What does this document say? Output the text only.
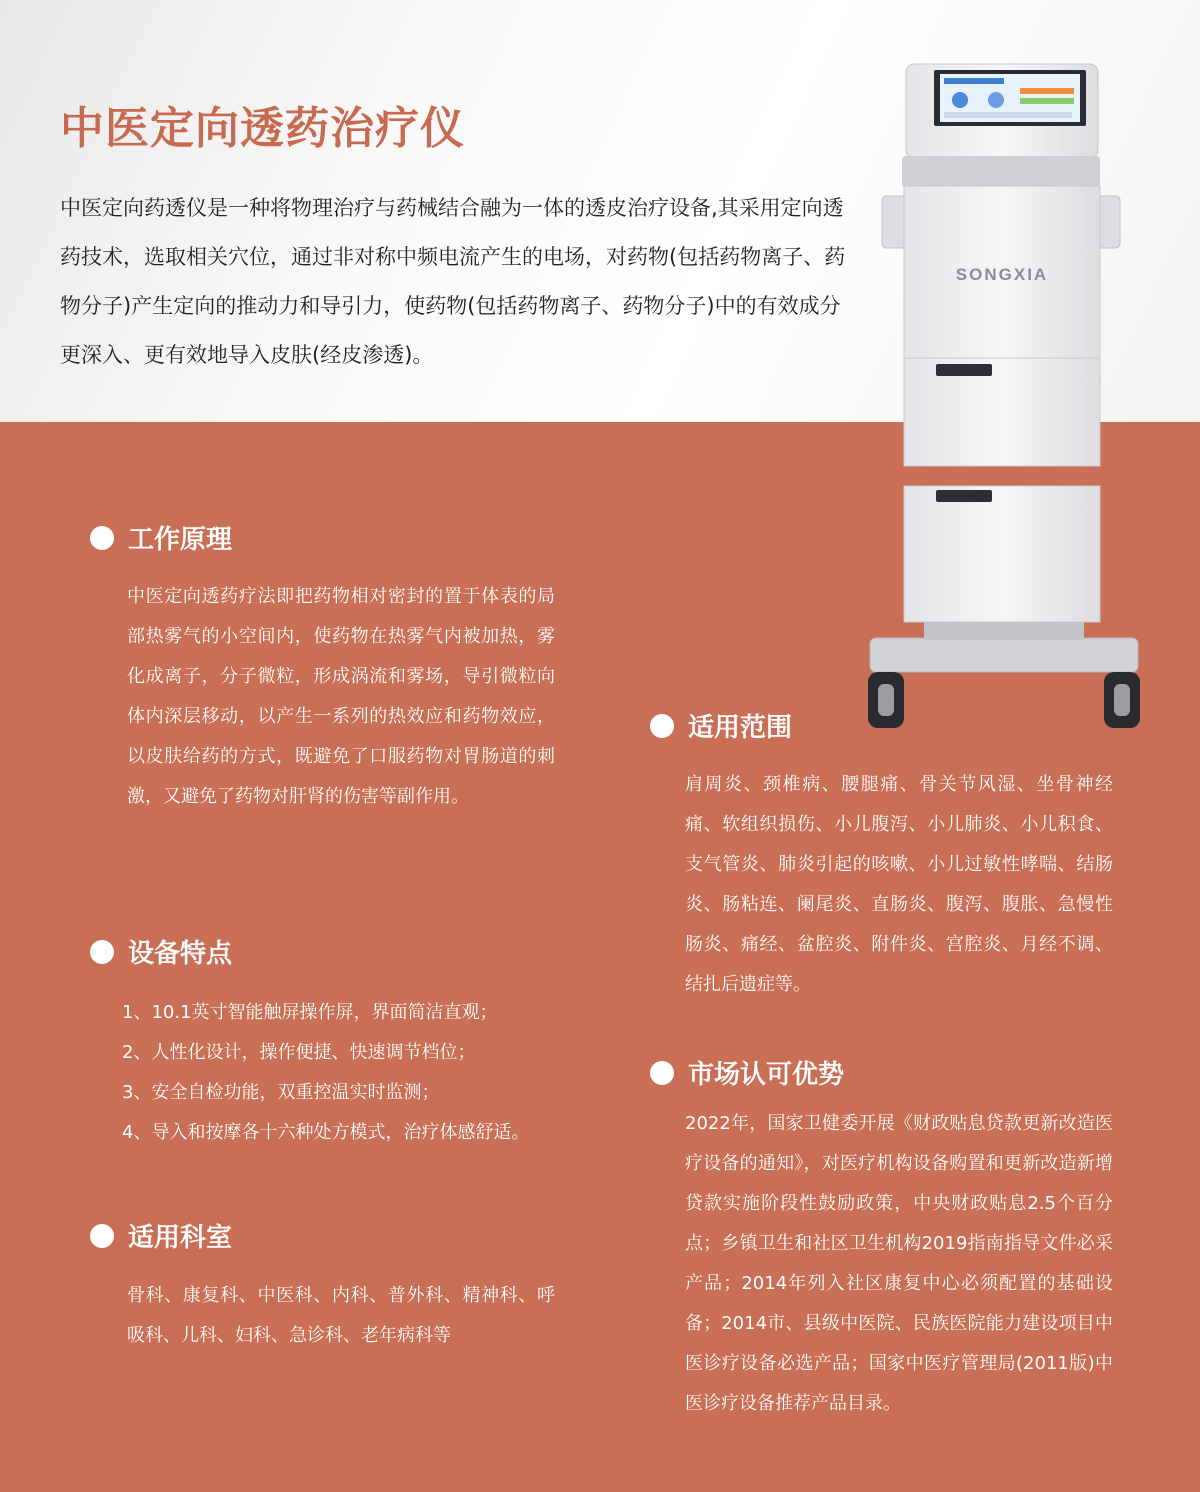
中医定向透药治疗仪

中医定向药透仪是一种将物理治疗与药械结合融为一体的透皮治疗设备,其采用定向透药技术，选取相关穴位，通过非对称中频电流产生的电场，对药物(包括药物离子、药物分子)产生定向的推动力和导引力，使药物(包括药物离子、药物分子)中的有效成分更深入、更有效地导入皮肤(经皮渗透)。

SONGXIA
工作原理

中医定向透药疗法即把药物相对密封的置于体表的局部热雾气的小空间内，使药物在热雾气内被加热，雾化成离子，分子微粒，形成涡流和雾场，导引微粒向体内深层移动，以产生一系列的热效应和药物效应，以皮肤给药的方式，既避免了口服药物对胃肠道的刺激，又避免了药物对肝肾的伤害等副作用。

设备特点
1、10.1英寸智能触屏操作屏，界面简洁直观；
2、人性化设计，操作便捷、快速调节档位；
3、安全自检功能，双重控温实时监测；
4、导入和按摩各十六种处方模式，治疗体感舒适。
适用科室

骨科、康复科、中医科、内科、普外科、精神科、呼吸科、儿科、妇科、急诊科、老年病科等

适用范围

肩周炎、颈椎病、腰腿痛、骨关节风湿、坐骨神经痛、软组织损伤、小儿腹泻、小儿肺炎、小儿积食、支气管炎、肺炎引起的咳嗽、小儿过敏性哮喘、结肠炎、肠粘连、阑尾炎、直肠炎、腹泻、腹胀、急慢性肠炎、痛经、盆腔炎、附件炎、宫腔炎、月经不调、结扎后遗症等。

市场认可优势

2022年，国家卫健委开展《财政贴息贷款更新改造医疗设备的通知》，对医疗机构设备购置和更新改造新增贷款实施阶段性鼓励政策，中央财政贴息2.5个百分点；乡镇卫生和社区卫生机构2019指南指导文件必采产品；2014年列入社区康复中心必须配置的基础设备；2014市、县级中医院、民族医院能力建设项目中医诊疗设备必选产品；国家中医疗管理局(2011版)中医诊疗设备推荐产品目录。
